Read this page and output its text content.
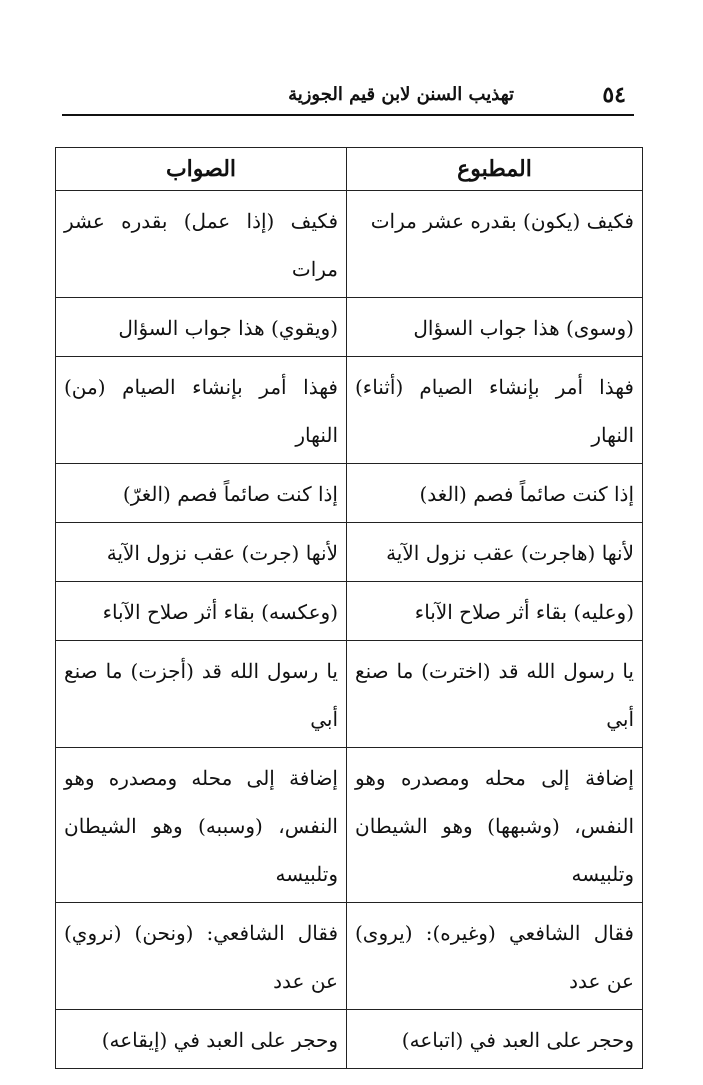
٥٤
تهذيب السنن لابن قيم الجوزية
المطبوع	الصواب
فكيف (يكون) بقدره عشر مرات	فكيف (إذا عمل) بقدره عشر مرات
(وسوى) هذا جواب السؤال	(ويقوي) هذا جواب السؤال
فهذا أمر بإنشاء الصيام (أثناء) النهار	فهذا أمر بإنشاء الصيام (من) النهار
إذا كنت صائماً فصم (الغد)	إذا كنت صائماً فصم (الغرّ)
لأنها (هاجرت) عقب نزول الآية	لأنها (جرت) عقب نزول الآية
(وعليه) بقاء أثر صلاح الآباء	(وعكسه) بقاء أثر صلاح الآباء
يا رسول الله قد (اخترت) ما صنع أبي	يا رسول الله قد (أجزت) ما صنع أبي
إضافة إلى محله ومصدره وهو النفس، (وشبهها) وهو الشيطان وتلبيسه	إضافة إلى محله ومصدره وهو النفس، (وسببه) وهو الشيطان وتلبيسه
فقال الشافعي (وغيره): (يروى) عن عدد	فقال الشافعي: (ونحن) (نروي) عن عدد
وحجر على العبد في (اتباعه)	وحجر على العبد في (إيقاعه)
